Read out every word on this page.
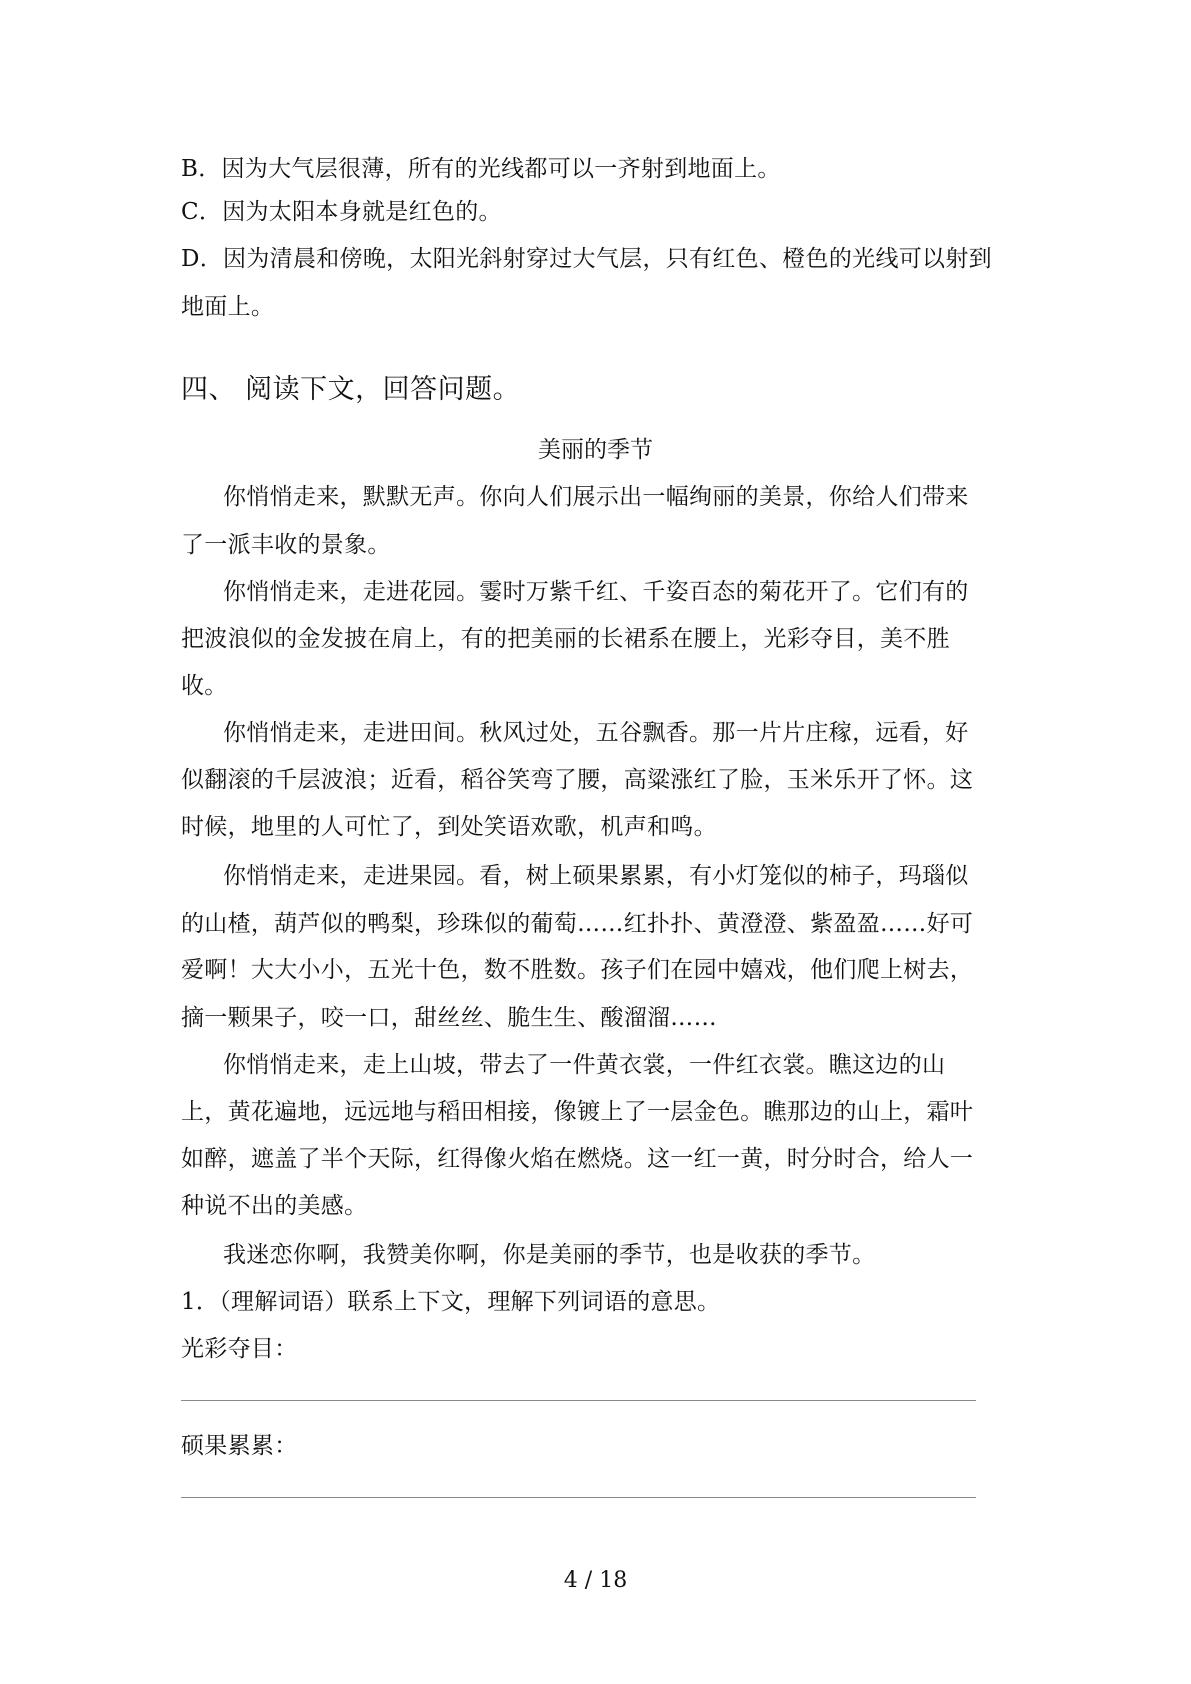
B．因为大气层很薄，所有的光线都可以一齐射到地面上。
C．因为太阳本身就是红色的。
D．因为清晨和傍晚，太阳光斜射穿过大气层，只有红色、橙色的光线可以射到
地面上。
四、 阅读下文，回答问题。
美丽的季节
你悄悄走来，默默无声。你向人们展示出一幅绚丽的美景，你给人们带来
了一派丰收的景象。
你悄悄走来，走进花园。霎时万紫千红、千姿百态的菊花开了。它们有的
把波浪似的金发披在肩上，有的把美丽的长裙系在腰上，光彩夺目，美不胜
收。
你悄悄走来，走进田间。秋风过处，五谷飘香。那一片片庄稼，远看，好
似翻滚的千层波浪；近看，稻谷笑弯了腰，高粱涨红了脸，玉米乐开了怀。这
时候，地里的人可忙了，到处笑语欢歌，机声和鸣。
你悄悄走来，走进果园。看，树上硕果累累，有小灯笼似的柿子，玛瑙似
的山楂，葫芦似的鸭梨，珍珠似的葡萄……红扑扑、黄澄澄、紫盈盈……好可
爱啊！大大小小，五光十色，数不胜数。孩子们在园中嬉戏，他们爬上树去，
摘一颗果子，咬一口，甜丝丝、脆生生、酸溜溜……
你悄悄走来，走上山坡，带去了一件黄衣裳，一件红衣裳。瞧这边的山
上，黄花遍地，远远地与稻田相接，像镀上了一层金色。瞧那边的山上，霜叶
如醉，遮盖了半个天际，红得像火焰在燃烧。这一红一黄，时分时合，给人一
种说不出的美感。
我迷恋你啊，我赞美你啊，你是美丽的季节，也是收获的季节。
1．（理解词语）联系上下文，理解下列词语的意思。
光彩夺目：
硕果累累：
4 / 18
